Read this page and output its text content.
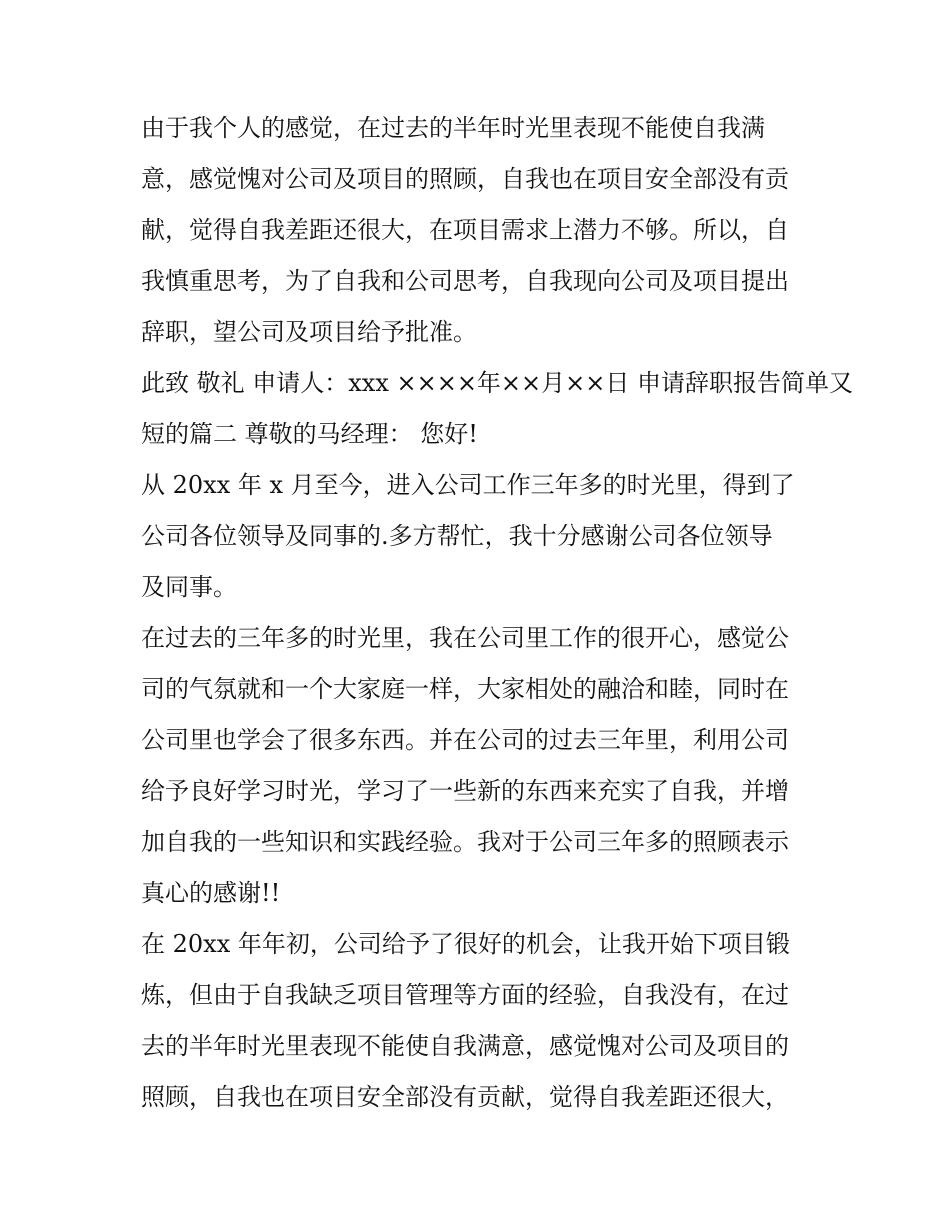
由于我个人的感觉，在过去的半年时光里表现不能使自我满
意，感觉愧对公司及项目的照顾，自我也在项目安全部没有贡
献，觉得自我差距还很大，在项目需求上潜力不够。所以，自
我慎重思考，为了自我和公司思考，自我现向公司及项目提出
辞职，望公司及项目给予批准。

此致 敬礼 申请人：xxx ××××年××月××日 申请辞职报告简单又
短的篇二 尊敬的马经理： 您好!

从 20xx 年 x 月至今，进入公司工作三年多的时光里，得到了
公司各位领导及同事的.多方帮忙，我十分感谢公司各位领导
及同事。

在过去的三年多的时光里，我在公司里工作的很开心，感觉公
司的气氛就和一个大家庭一样，大家相处的融洽和睦，同时在
公司里也学会了很多东西。并在公司的过去三年里，利用公司
给予良好学习时光，学习了一些新的东西来充实了自我，并增
加自我的一些知识和实践经验。我对于公司三年多的照顾表示
真心的感谢!!

在 20xx 年年初，公司给予了很好的机会，让我开始下项目锻
炼，但由于自我缺乏项目管理等方面的经验，自我没有，在过
去的半年时光里表现不能使自我满意，感觉愧对公司及项目的
照顾，自我也在项目安全部没有贡献，觉得自我差距还很大，
